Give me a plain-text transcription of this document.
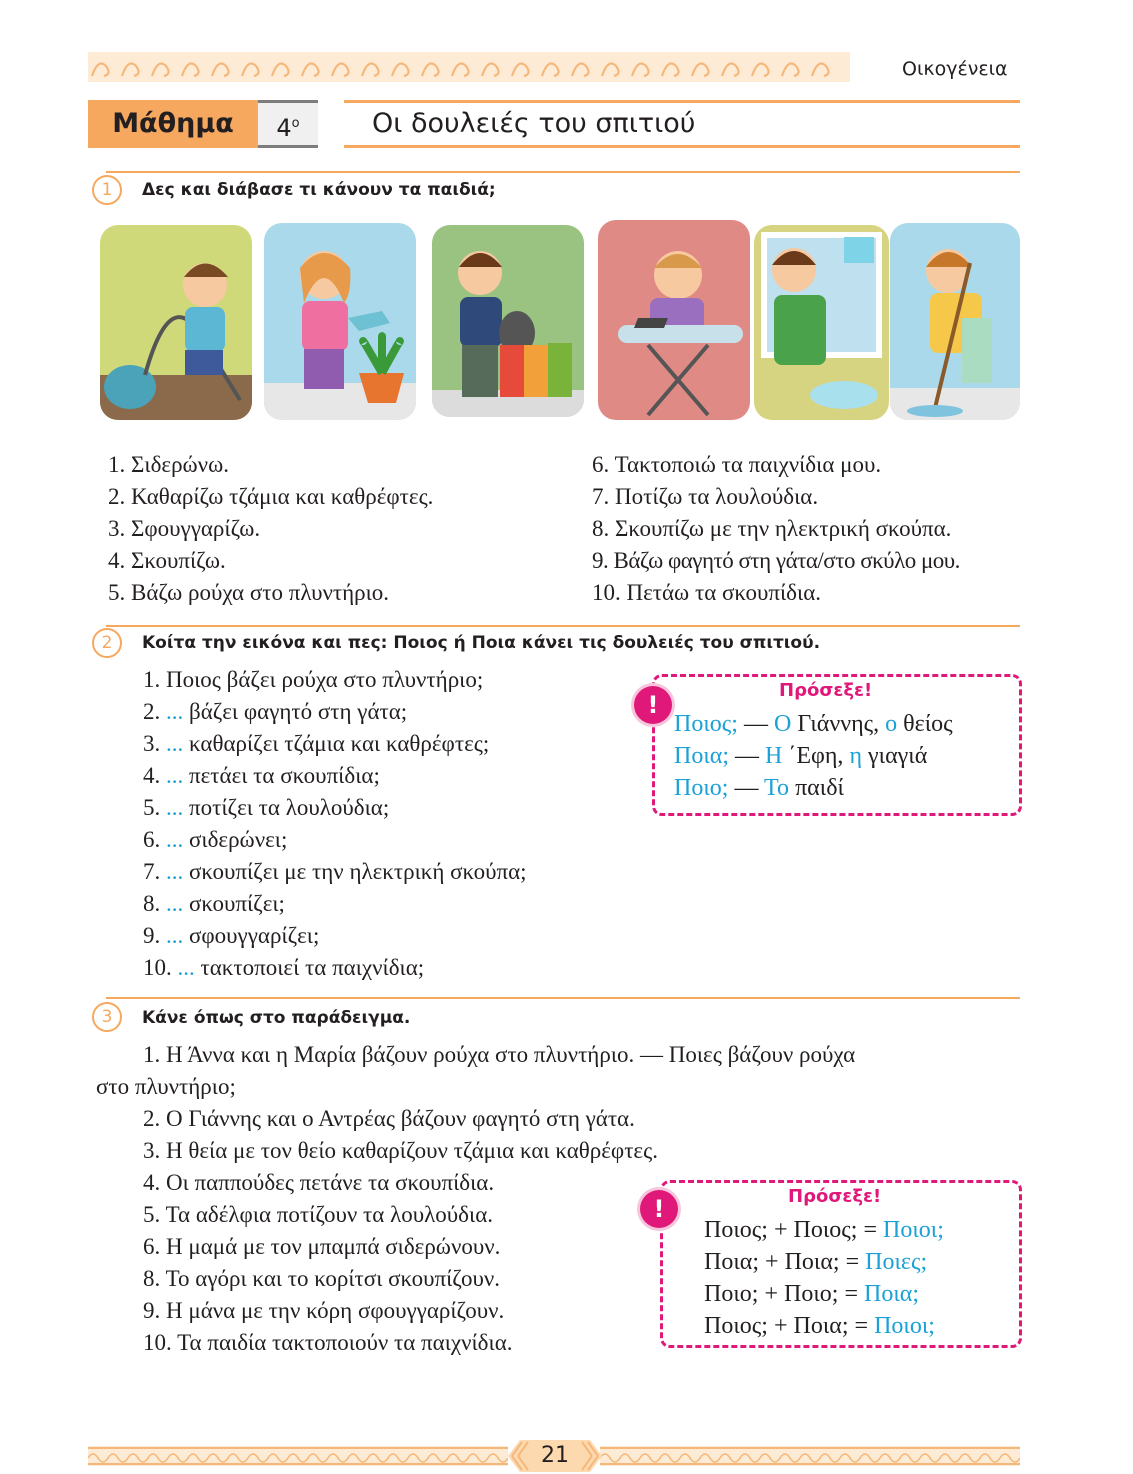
Οικογένεια
Μάθημα	$4^o$	Οι δουλειές του σπιτιού
1	Δες και διάβασε τι κάνουν τα παιδιά;
1. Σιδερώνω.
2. Καθαρίζω τζάμια και καθρέφτες.
3. Σφουγγαρίζω.
4. Σκουπίζω.
5. Βάζω ρούχα στο πλυντήριο.
6. Τακτοποιώ τα παιχνίδια μου.
7. Ποτίζω τα λουλούδια.
8. Σκουπίζω με την ηλεκτρική σκούπα.
9. Βάζω φαγητό στη γάτα/στο σκύλο μου.
10. Πετάω τα σκουπίδια.
2	Κοίτα την εικόνα και πες: Ποιος ή Ποια κάνει τις δουλειές του σπιτιού.
1. Ποιος βάζει ρούχα στο πλυντήριο;
2. ... βάζει φαγητό στη γάτα;
3. ... καθαρίζει τζάμια και καθρέφτες;
4. ... πετάει τα σκουπίδια;
5. ... ποτίζει τα λουλούδια;
6. ... σιδερώνει;
7. ... σκουπίζει με την ηλεκτρική σκούπα;
8. ... σκουπίζει;
9. ... σφουγγαρίζει;
10. ... τακτοποιεί τα παιχνίδια;
!
Πρόσεξε!
Ποιος; — Ο Γιάννης, ο θείος
Ποια; — Η ΄Εφη, η γιαγιά
Ποιο; — Το παιδί
3	Κάνε όπως στο παράδειγμα.
1. Η Άννα και η Μαρία βάζουν ρούχα στο πλυντήριο. — Ποιες βάζουν ρούχα
στο πλυντήριο;
2. Ο Γιάννης και ο Αντρέας βάζουν φαγητό στη γάτα.
3. Η θεία με τον θείο καθαρίζουν τζάμια και καθρέφτες.
4. Οι παππούδες πετάνε τα σκουπίδια.
5. Τα αδέλφια ποτίζουν τα λουλούδια.
6. Η μαμά με τον μπαμπά σιδερώνουν.
8. Το αγόρι και το κορίτσι σκουπίζουν.
9. Η μάνα με την κόρη σφουγγαρίζουν.
10. Τα παιδία τακτοποιούν τα παιχνίδια.
!	Πρόσεξε!
Ποιος; + Ποιος; = Ποιοι;
Ποια; + Ποια; = Ποιες;
Ποιο; + Ποιο; = Ποια;
Ποιος; + Ποια; = Ποιοι;
21
